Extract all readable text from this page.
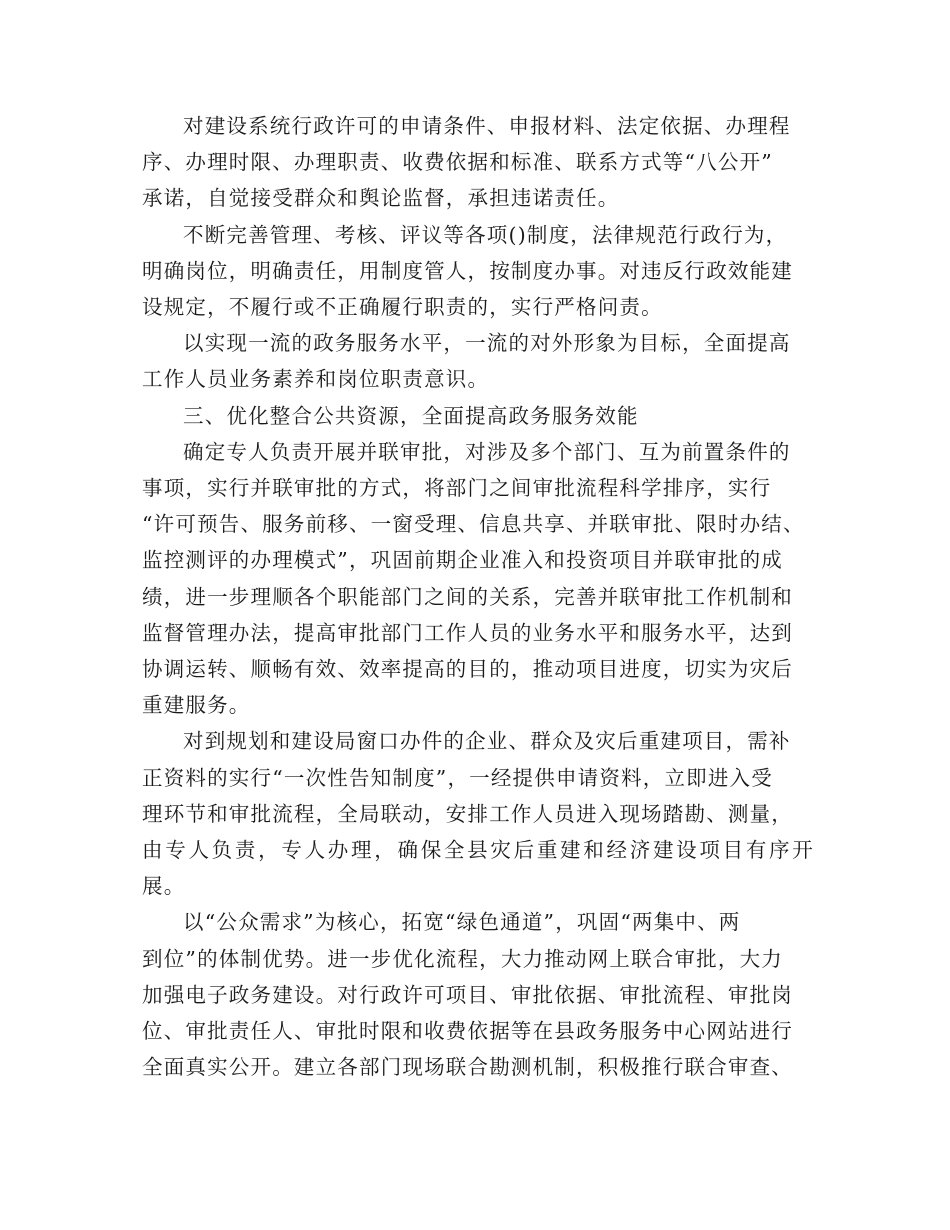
对建设系统行政许可的申请条件、申报材料、法定依据、办理程
序、办理时限、办理职责、收费依据和标准、联系方式等“八公开”
承诺，自觉接受群众和舆论监督，承担违诺责任。

不断完善管理、考核、评议等各项()制度，法律规范行政行为，
明确岗位，明确责任，用制度管人，按制度办事。对违反行政效能建
设规定，不履行或不正确履行职责的，实行严格问责。

以实现一流的政务服务水平，一流的对外形象为目标，全面提高
工作人员业务素养和岗位职责意识。

三、优化整合公共资源，全面提高政务服务效能

确定专人负责开展并联审批，对涉及多个部门、互为前置条件的
事项，实行并联审批的方式，将部门之间审批流程科学排序，实行
“许可预告、服务前移、一窗受理、信息共享、并联审批、限时办结、
监控测评的办理模式”，巩固前期企业准入和投资项目并联审批的成
绩，进一步理顺各个职能部门之间的关系，完善并联审批工作机制和
监督管理办法，提高审批部门工作人员的业务水平和服务水平，达到
协调运转、顺畅有效、效率提高的目的，推动项目进度，切实为灾后
重建服务。

对到规划和建设局窗口办件的企业、群众及灾后重建项目，需补
正资料的实行“一次性告知制度”，一经提供申请资料，立即进入受
理环节和审批流程，全局联动，安排工作人员进入现场踏勘、测量，
由专人负责，专人办理，确保全县灾后重建和经济建设项目有序开展。

以“公众需求”为核心，拓宽“绿色通道”，巩固“两集中、两
到位”的体制优势。进一步优化流程，大力推动网上联合审批，大力
加强电子政务建设。对行政许可项目、审批依据、审批流程、审批岗
位、审批责任人、审批时限和收费依据等在县政务服务中心网站进行
全面真实公开。建立各部门现场联合勘测机制，积极推行联合审查、
